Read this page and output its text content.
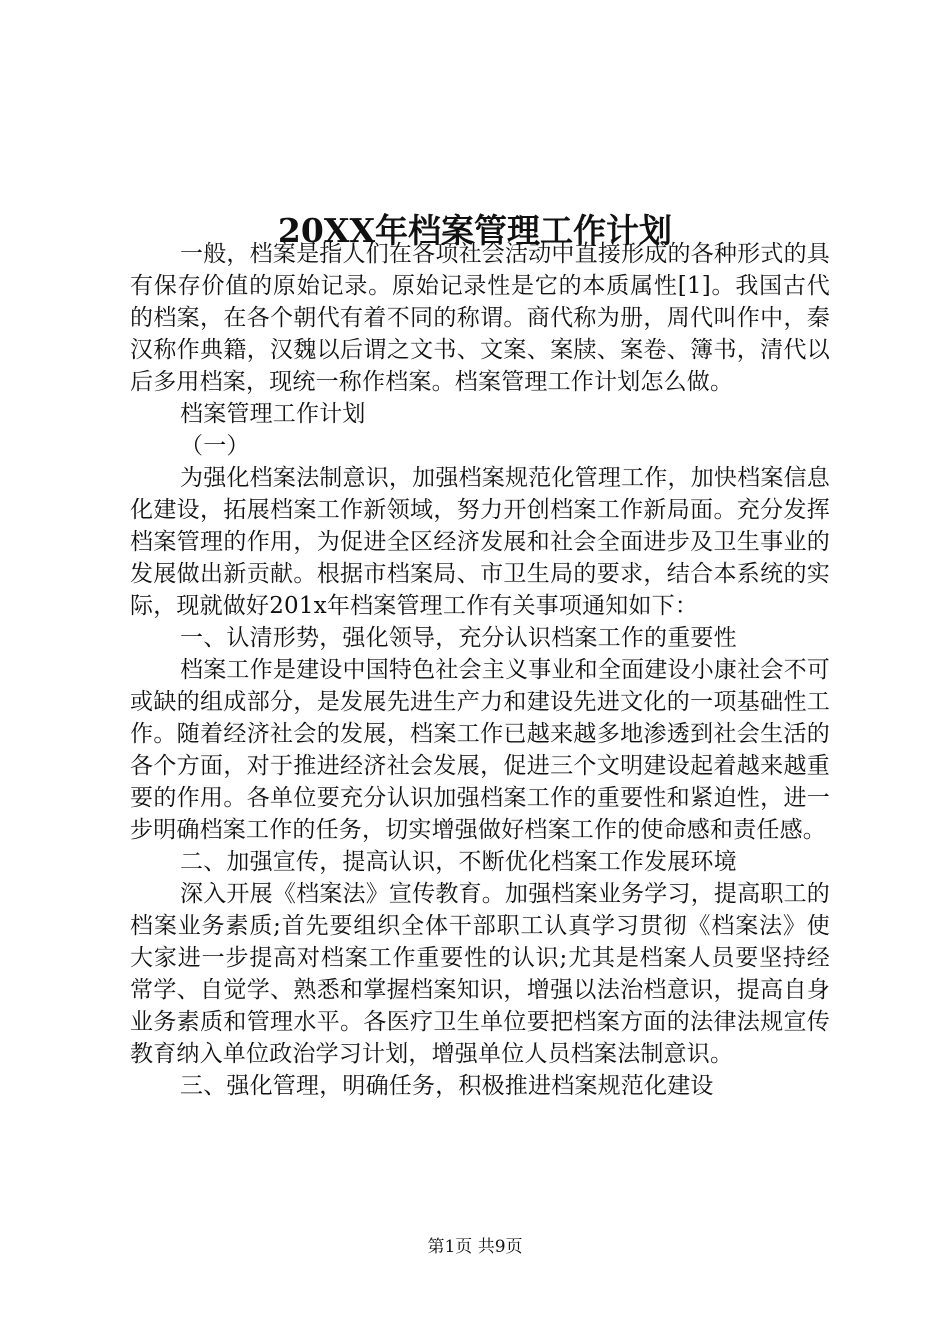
20XX年档案管理工作计划

一般，档案是指人们在各项社会活动中直接形成的各种形式的具有保存价值的原始记录。原始记录性是它的本质属性[1]。我国古代的档案，在各个朝代有着不同的称谓。商代称为册，周代叫作中，秦汉称作典籍，汉魏以后谓之文书、文案、案牍、案卷、簿书，清代以后多用档案，现统一称作档案。档案管理工作计划怎么做。

档案管理工作计划

（一）

为强化档案法制意识，加强档案规范化管理工作，加快档案信息化建设，拓展档案工作新领域，努力开创档案工作新局面。充分发挥档案管理的作用，为促进全区经济发展和社会全面进步及卫生事业的发展做出新贡献。根据市档案局、市卫生局的要求，结合本系统的实际，现就做好201x年档案管理工作有关事项通知如下：

一、认清形势，强化领导，充分认识档案工作的重要性

档案工作是建设中国特色社会主义事业和全面建设小康社会不可或缺的组成部分，是发展先进生产力和建设先进文化的一项基础性工作。随着经济社会的发展，档案工作已越来越多地渗透到社会生活的各个方面，对于推进经济社会发展，促进三个文明建设起着越来越重要的作用。各单位要充分认识加强档案工作的重要性和紧迫性，进一步明确档案工作的任务，切实增强做好档案工作的使命感和责任感。

二、加强宣传，提高认识，不断优化档案工作发展环境

深入开展《档案法》宣传教育。加强档案业务学习，提高职工的档案业务素质;首先要组织全体干部职工认真学习贯彻《档案法》使大家进一步提高对档案工作重要性的认识;尤其是档案人员要坚持经常学、自觉学、熟悉和掌握档案知识，增强以法治档意识，提高自身业务素质和管理水平。各医疗卫生单位要把档案方面的法律法规宣传教育纳入单位政治学习计划，增强单位人员档案法制意识。

三、强化管理，明确任务，积极推进档案规范化建设

第1页 共9页
